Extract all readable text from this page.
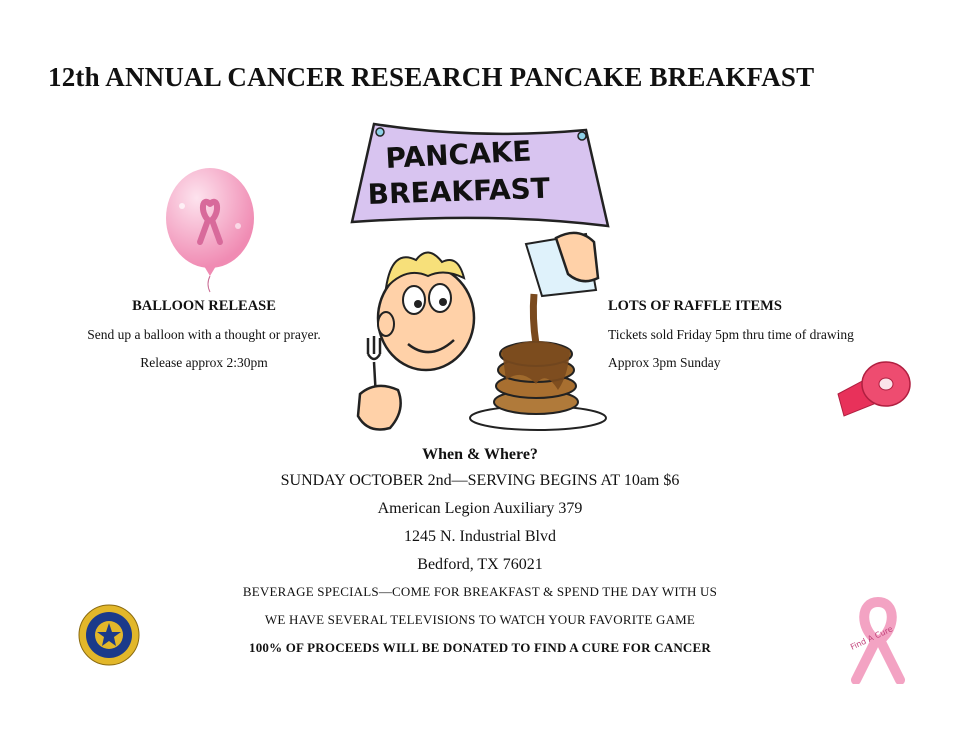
12th ANNUAL CANCER RESEARCH PANCAKE BREAKFAST
PANCAKE
BREAKFAST
BALLOON RELEASE
Send up a balloon with a thought or prayer.
Release approx 2:30pm
LOTS OF RAFFLE ITEMS
Tickets sold Friday 5pm thru time of drawing
Approx 3pm Sunday
When & Where?
SUNDAY OCTOBER 2nd—SERVING BEGINS AT 10am $6
American Legion Auxiliary 379
1245 N. Industrial Blvd
Bedford, TX 76021
BEVERAGE SPECIALS—COME FOR BREAKFAST & SPEND THE DAY WITH US
WE HAVE SEVERAL TELEVISIONS TO WATCH YOUR FAVORITE GAME
100% OF PROCEEDS WILL BE DONATED TO FIND A CURE FOR CANCER	Find A Cure
